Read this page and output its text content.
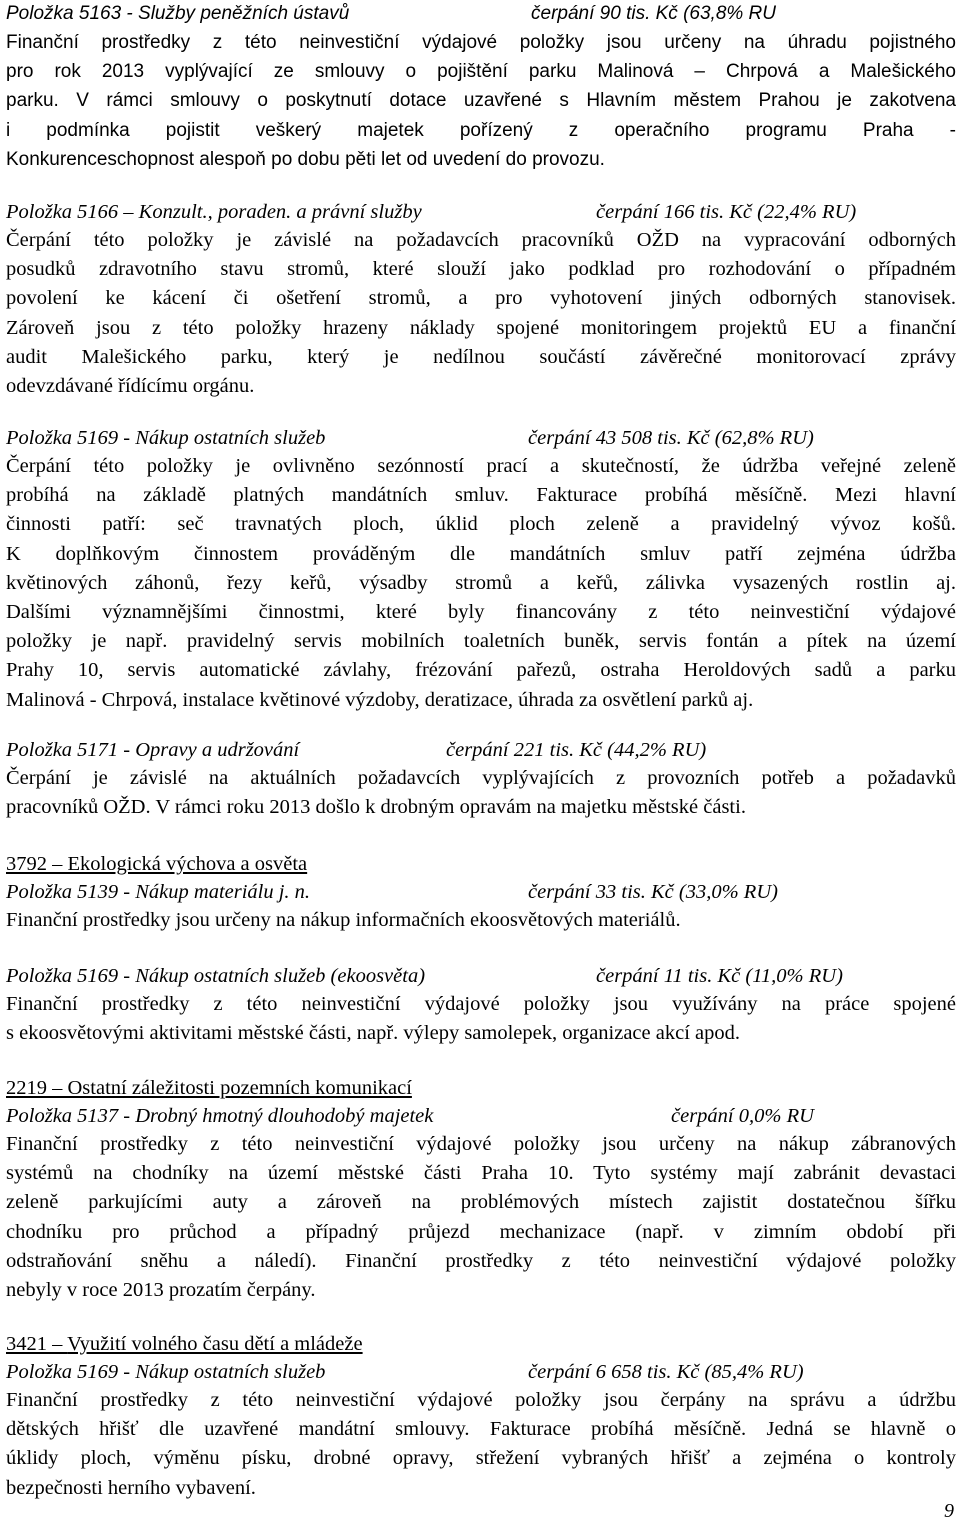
Položka 5163 - Služby peněžních ústavů	čerpání 90 tis. Kč (63,8% RU
Finanční prostředky z této neinvestiční výdajové položky jsou určeny na úhradu pojistného
pro rok 2013 vyplývající ze smlouvy o pojištění parku Malinová – Chrpová a Malešického
parku. V rámci smlouvy o poskytnutí dotace uzavřené s Hlavním městem Prahou je zakotvena
i podmínka pojistit veškerý majetek pořízený z operačního programu Praha -
Konkurenceschopnost alespoň po dobu pěti let od uvedení do provozu.
Položka 5166 – Konzult., poraden. a právní služby	čerpání 166 tis. Kč (22,4% RU)
Čerpání této položky je závislé na požadavcích pracovníků OŽD na vypracování odborných
posudků zdravotního stavu stromů, které slouží jako podklad pro rozhodování o případném
povolení ke kácení či ošetření stromů, a pro vyhotovení jiných odborných stanovisek.
Zároveň jsou z této položky hrazeny náklady spojené monitoringem projektů EU a finanční
audit Malešického parku, který je nedílnou součástí závěrečné monitorovací zprávy
odevzdávané řídícímu orgánu.
Položka 5169 - Nákup ostatních služeb	čerpání 43 508 tis. Kč (62,8% RU)
Čerpání této položky je ovlivněno sezónností prací a skutečností, že údržba veřejné zeleně
probíhá na základě platných mandátních smluv. Fakturace probíhá měsíčně. Mezi hlavní
činnosti patří: seč travnatých ploch, úklid ploch zeleně a pravidelný vývoz košů.
K doplňkovým činnostem prováděným dle mandátních smluv patří zejména údržba
květinových záhonů, řezy keřů, výsadby stromů a keřů, zálivka vysazených rostlin aj.
Dalšími významnějšími činnostmi, které byly financovány z této neinvestiční výdajové
položky je např. pravidelný servis mobilních toaletních buněk, servis fontán a pítek na území
Prahy 10, servis automatické závlahy, frézování pařezů, ostraha Heroldových sadů a parku
Malinová - Chrpová, instalace květinové výzdoby, deratizace, úhrada za osvětlení parků aj.
Položka 5171 - Opravy a udržování	čerpání 221 tis. Kč (44,2% RU)
Čerpání je závislé na aktuálních požadavcích vyplývajících z provozních potřeb a požadavků
pracovníků OŽD. V rámci roku 2013 došlo k drobným opravám na majetku městské části.
3792 – Ekologická výchova a osvěta
Položka 5139 - Nákup materiálu j. n.	čerpání 33 tis. Kč (33,0% RU)
Finanční prostředky jsou určeny na nákup informačních ekoosvětových materiálů.
Položka 5169 - Nákup ostatních služeb (ekoosvěta)	čerpání 11 tis. Kč (11,0% RU)
Finanční prostředky z této neinvestiční výdajové položky jsou využívány na práce spojené
s ekoosvětovými aktivitami městské části, např. výlepy samolepek, organizace akcí apod.
2219 – Ostatní záležitosti pozemních komunikací
Položka 5137 - Drobný hmotný dlouhodobý majetek	čerpání 0,0% RU
Finanční prostředky z této neinvestiční výdajové položky jsou určeny na nákup zábranových
systémů na chodníky na území městské části Praha 10. Tyto systémy mají zabránit devastaci
zeleně parkujícími auty a zároveň na problémových místech zajistit dostatečnou šířku
chodníku pro průchod a případný průjezd mechanizace (např. v zimním období při
odstraňování sněhu a náledí). Finanční prostředky z této neinvestiční výdajové položky
nebyly v roce 2013 prozatím čerpány.
3421 – Využití volného času dětí a mládeže
Položka 5169 - Nákup ostatních služeb	čerpání 6 658 tis. Kč (85,4% RU)
Finanční prostředky z této neinvestiční výdajové položky jsou čerpány na správu a údržbu
dětských hřišť dle uzavřené mandátní smlouvy. Fakturace probíhá měsíčně. Jedná se hlavně o
úklidy ploch, výměnu písku, drobné opravy, střežení vybraných hřišť a zejména o kontroly
bezpečnosti herního vybavení.
9
